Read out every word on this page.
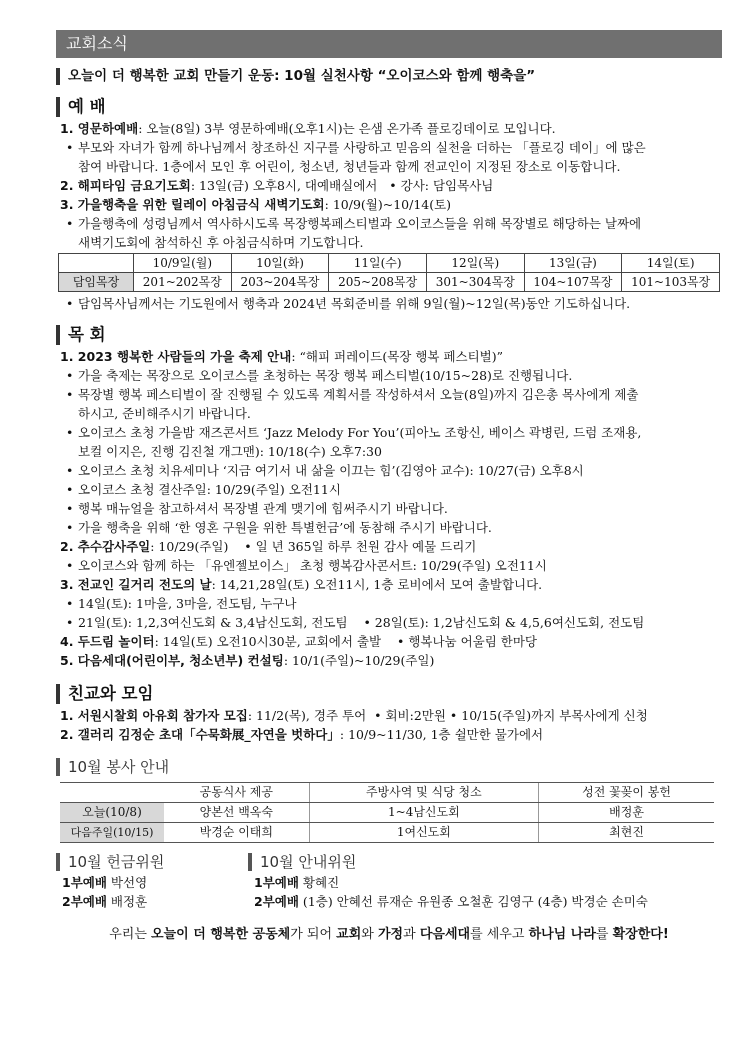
교회소식
오늘이 더 행복한 교회 만들기 운동: 10월 실천사항 “오이코스와 함께 행축을”
예 배
1. 영문하예배: 오늘(8일) 3부 영문하예배(오후1시)는 은샘 온가족 플로깅데이로 모입니다.
• 부모와 자녀가 함께 하나님께서 창조하신 지구를 사랑하고 믿음의 실천을 더하는 「플로깅 데이」에 많은
참여 바랍니다. 1층에서 모인 후 어린이, 청소년, 청년들과 함께 전교인이 지정된 장소로 이동합니다.
2. 해피타임 금요기도회: 13일(금) 오후8시, 대예배실에서 • 강사: 담임목사님
3. 가을행축을 위한 릴레이 아침금식 새벽기도회: 10/9(월)~10/14(토)
• 가을행축에 성령님께서 역사하시도록 목장행복페스티벌과 오이코스들을 위해 목장별로 해당하는 날짜에
새벽기도회에 참석하신 후 아침금식하며 기도합니다.
	10/9일(월)	10일(화)	11일(수)	12일(목)	13일(금)	14일(토)
담임목장	201~202목장	203~204목장	205~208목장	301~304목장	104~107목장	101~103목장
• 담임목사님께서는 기도원에서 행축과 2024년 목회준비를 위해 9일(월)~12일(목)동안 기도하십니다.
목 회
1. 2023 행복한 사람들의 가을 축제 안내: “해피 퍼레이드(목장 행복 페스티벌)”
• 가을 축제는 목장으로 오이코스를 초청하는 목장 행복 페스티벌(10/15~28)로 진행됩니다.
• 목장별 행복 페스티벌이 잘 진행될 수 있도록 계획서를 작성하셔서 오늘(8일)까지 김은총 목사에게 제출
하시고, 준비해주시기 바랍니다.
• 오이코스 초청 가을밤 재즈콘서트 ‘Jazz Melody For You’(피아노 조항신, 베이스 곽병린, 드럼 조재용,
보컬 이지은, 진행 김진철 개그맨): 10/18(수) 오후7:30
• 오이코스 초청 치유세미나 ‘지금 여기서 내 삶을 이끄는 힘’(김영아 교수): 10/27(금) 오후8시
• 오이코스 초청 결산주일: 10/29(주일) 오전11시
• 행복 매뉴얼을 참고하셔서 목장별 관계 맺기에 힘써주시기 바랍니다.
• 가을 행축을 위해 ‘한 영혼 구원을 위한 특별헌금’에 동참해 주시기 바랍니다.
2. 추수감사주일: 10/29(주일) • 일 년 365일 하루 천원 감사 예물 드리기
• 오이코스와 함께 하는 「유엔젤보이스」 초청 행복감사콘서트: 10/29(주일) 오전11시
3. 전교인 길거리 전도의 날: 14,21,28일(토) 오전11시, 1층 로비에서 모여 출발합니다.
• 14일(토): 1마을, 3마을, 전도팀, 누구나
• 21일(토): 1,2,3여신도회 & 3,4남신도회, 전도팀 • 28일(토): 1,2남신도회 & 4,5,6여신도회, 전도팀
4. 두드림 놀이터: 14일(토) 오전10시30분, 교회에서 출발 • 행복나눔 어울림 한마당
5. 다음세대(어린이부, 청소년부) 컨설팅: 10/1(주일)~10/29(주일)
친교와 모임
1. 서원시찰회 아유회 참가자 모집: 11/2(목), 경주 투어 • 회비:2만원 • 10/15(주일)까지 부목사에게 신청
2. 갤러리 김정순 초대「수묵화展_자연을 벗하다」: 10/9~11/30, 1층 쉴만한 물가에서
10월 봉사 안내
	공동식사 제공	주방사역 및 식당 청소	성전 꽃꽂이 봉헌
오늘(10/8)	양본선 백옥숙	1~4남신도회	배정훈
다음주일(10/15)	박경순 이태희	1여신도회	최현진
10월 헌금위원
1부예배 박선영
2부예배 배정훈
10월 안내위원
1부예배 황혜진
2부예배 (1층) 안혜선 류재순 유원종 오철훈 김영구 (4층) 박경순 손미숙
우리는 오늘이 더 행복한 공동체가 되어 교회와 가정과 다음세대를 세우고 하나님 나라를 확장한다!
